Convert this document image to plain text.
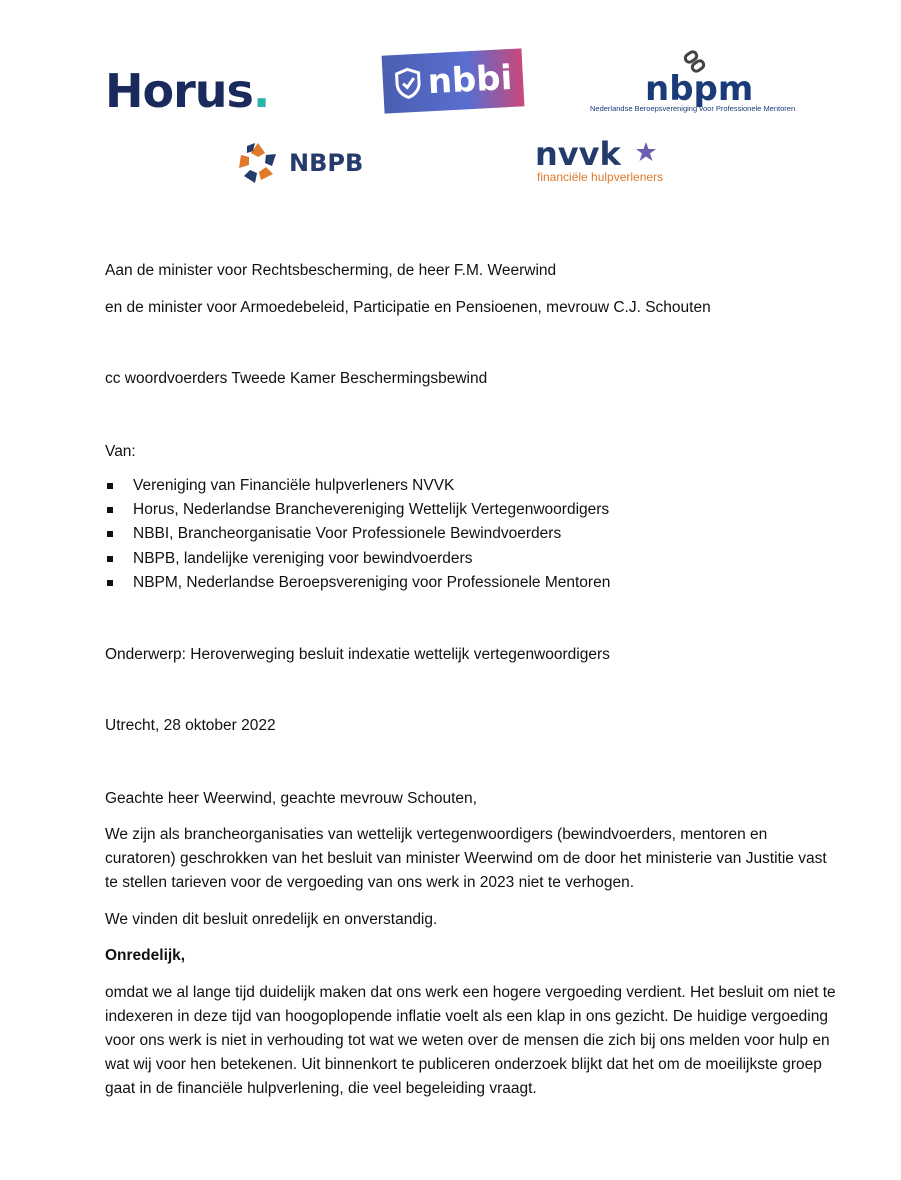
Horus.	nbbi	nbpm
Nederlandse Beroepsvereniging voor Professionele Mentoren
NBPB	nvvk
financiële hulpverleners
Aan de minister voor Rechtsbescherming, de heer F.M. Weerwind
en de minister voor Armoedebeleid, Participatie en Pensioenen, mevrouw C.J. Schouten
cc woordvoerders Tweede Kamer Beschermingsbewind
Van:
Vereniging van Financiële hulpverleners NVVK
Horus, Nederlandse Branchevereniging Wettelijk Vertegenwoordigers
NBBI, Brancheorganisatie Voor Professionele Bewindvoerders
NBPB, landelijke vereniging voor bewindvoerders
NBPM, Nederlandse Beroepsvereniging voor Professionele Mentoren
Onderwerp: Heroverweging besluit indexatie wettelijk vertegenwoordigers
Utrecht, 28 oktober 2022
Geachte heer Weerwind, geachte mevrouw Schouten,
We zijn als brancheorganisaties van wettelijk vertegenwoordigers (bewindvoerders, mentoren en curatoren) geschrokken van het besluit van minister Weerwind om de door het ministerie van Justitie vast te stellen tarieven voor de vergoeding van ons werk in 2023 niet te verhogen.
We vinden dit besluit onredelijk en onverstandig.
Onredelijk,
omdat we al lange tijd duidelijk maken dat ons werk een hogere vergoeding verdient. Het besluit om niet te indexeren in deze tijd van hoogoplopende inflatie voelt als een klap in ons gezicht. De huidige vergoeding voor ons werk is niet in verhouding tot wat we weten over de mensen die zich bij ons melden voor hulp en wat wij voor hen betekenen. Uit binnenkort te publiceren onderzoek blijkt dat het om de moeilijkste groep gaat in de financiële hulpverlening, die veel begeleiding vraagt.
